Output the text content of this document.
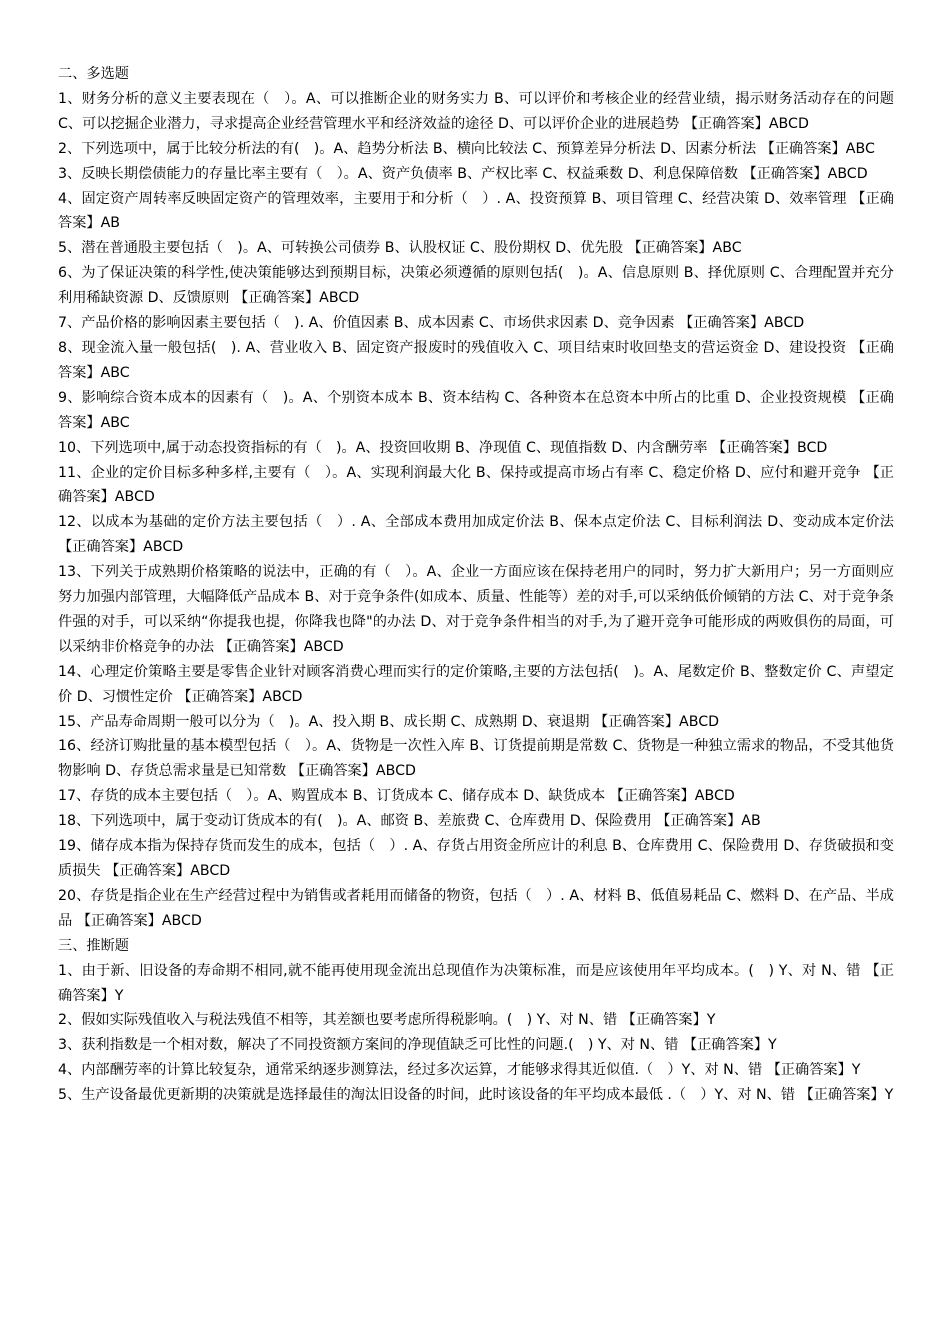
二、多选题

1、财务分析的意义主要表现在（　）。A、可以推断企业的财务实力 B、可以评价和考核企业的经营业绩，揭示财务活动存在的问题 C、可以挖掘企业潜力，寻求提高企业经营管理水平和经济效益的途径 D、可以评价企业的进展趋势 【正确答案】ABCD

2、下列选项中，属于比较分析法的有(　)。A、趋势分析法 B、横向比较法 C、预算差异分析法 D、因素分析法 【正确答案】ABC

3、反映长期偿债能力的存量比率主要有（　）。A、资产负债率 B、产权比率 C、权益乘数 D、利息保障倍数 【正确答案】ABCD

4、固定资产周转率反映固定资产的管理效率，主要用于和分析（　）. A、投资预算 B、项目管理 C、经营决策 D、效率管理 【正确答案】AB

5、潜在普通股主要包括（　)。A、可转换公司债券 B、认股权证 C、股份期权 D、优先股 【正确答案】ABC

6、为了保证决策的科学性,使决策能够达到预期目标，决策必须遵循的原则包括(　)。A、信息原则 B、择优原则 C、合理配置并充分利用稀缺资源 D、反馈原则 【正确答案】ABCD

7、产品价格的影响因素主要包括（　). A、价值因素 B、成本因素 C、市场供求因素 D、竞争因素 【正确答案】ABCD

8、现金流入量一般包括(　). A、营业收入 B、固定资产报废时的残值收入 C、项目结束时收回垫支的营运资金 D、建设投资 【正确答案】ABC

9、影响综合资本成本的因素有（　)。A、个别资本成本 B、资本结构 C、各种资本在总资本中所占的比重 D、企业投资规模 【正确答案】ABC

10、下列选项中,属于动态投资指标的有（　)。A、投资回收期 B、净现值 C、现值指数 D、内含酬劳率 【正确答案】BCD

11、企业的定价目标多种多样,主要有（　）。A、实现利润最大化 B、保持或提高市场占有率 C、稳定价格 D、应付和避开竞争 【正确答案】ABCD

12、以成本为基础的定价方法主要包括（　）. A、全部成本费用加成定价法 B、保本点定价法 C、目标利润法 D、变动成本定价法 【正确答案】ABCD

13、下列关于成熟期价格策略的说法中，正确的有（　）。A、企业一方面应该在保持老用户的同时，努力扩大新用户；另一方面则应努力加强内部管理，大幅降低产品成本 B、对于竞争条件(如成本、质量、性能等）差的对手,可以采纳低价倾销的方法 C、对于竞争条件强的对手，可以采纳“你提我也提，你降我也降"的办法 D、对于竞争条件相当的对手,为了避开竞争可能形成的两败俱伤的局面，可以采纳非价格竞争的办法 【正确答案】ABCD

14、心理定价策略主要是零售企业针对顾客消费心理而实行的定价策略,主要的方法包括(　)。A、尾数定价 B、整数定价 C、声望定价 D、习惯性定价 【正确答案】ABCD

15、产品寿命周期一般可以分为（　)。A、投入期 B、成长期 C、成熟期 D、衰退期 【正确答案】ABCD

16、经济订购批量的基本模型包括（　）。A、货物是一次性入库 B、订货提前期是常数 C、货物是一种独立需求的物品，不受其他货物影响 D、存货总需求量是已知常数 【正确答案】ABCD

17、存货的成本主要包括（　）。A、购置成本 B、订货成本 C、储存成本 D、缺货成本 【正确答案】ABCD

18、下列选项中，属于变动订货成本的有(　)。A、邮资 B、差旅费 C、仓库费用 D、保险费用 【正确答案】AB

19、储存成本指为保持存货而发生的成本，包括（　）. A、存货占用资金所应计的利息 B、仓库费用 C、保险费用 D、存货破损和变质损失 【正确答案】ABCD

20、存货是指企业在生产经营过程中为销售或者耗用而储备的物资，包括（　）. A、材料 B、低值易耗品 C、燃料 D、在产品、半成品 【正确答案】ABCD

三、推断题

1、由于新、旧设备的寿命期不相同,就不能再使用现金流出总现值作为决策标准，而是应该使用年平均成本。(　) Y、对 N、错 【正确答案】Y

2、假如实际残值收入与税法残值不相等，其差额也要考虑所得税影响。(　) Y、对 N、错 【正确答案】Y

3、获利指数是一个相对数，解决了不同投资额方案间的净现值缺乏可比性的问题.(　) Y、对 N、错 【正确答案】Y

4、内部酬劳率的计算比较复杂，通常采纳逐步测算法，经过多次运算，才能够求得其近似值.（　）Y、对 N、错 【正确答案】Y

5、生产设备最优更新期的决策就是选择最佳的淘汰旧设备的时间，此时该设备的年平均成本最低 .（　）Y、对 N、错 【正确答案】Y
